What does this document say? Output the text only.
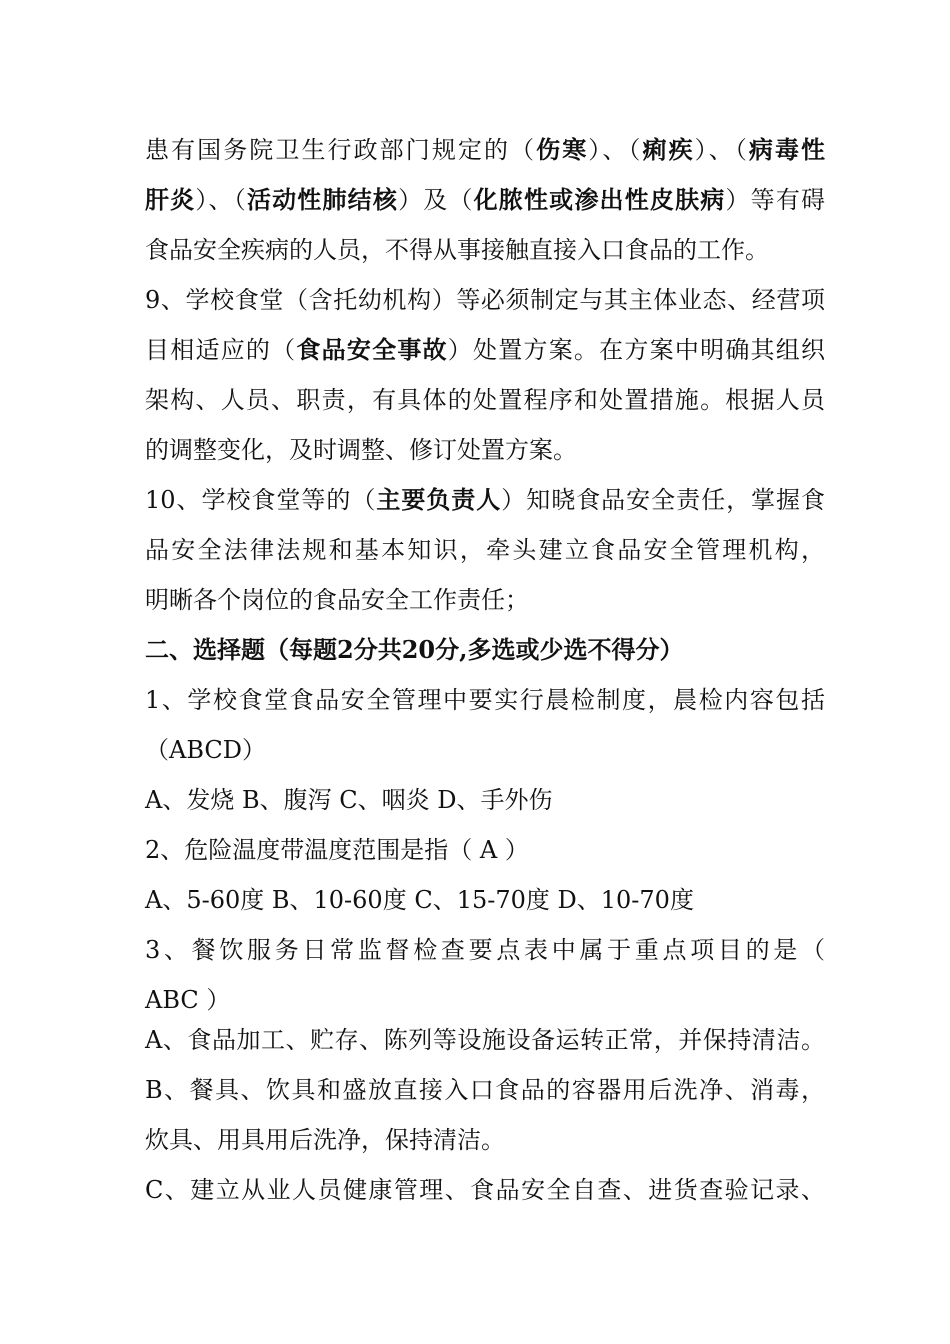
患有国务院卫生行政部门规定的（伤寒）、（痢疾）、（病毒性
肝炎）、（活动性肺结核）及（化脓性或渗出性皮肤病）等有碍
食品安全疾病的人员，不得从事接触直接入口食品的工作。
9、学校食堂（含托幼机构）等必须制定与其主体业态、经营项
目相适应的（食品安全事故）处置方案。在方案中明确其组织
架构、人员、职责，有具体的处置程序和处置措施。根据人员
的调整变化，及时调整、修订处置方案。
10、学校食堂等的（主要负责人）知晓食品安全责任，掌握食
品安全法律法规和基本知识，牵头建立食品安全管理机构，
明晰各个岗位的食品安全工作责任；
二、选择题（每题2分共20分,多选或少选不得分）
1、学校食堂食品安全管理中要实行晨检制度，晨检内容包括
（ABCD）
A、发烧 B、腹泻 C、咽炎 D、手外伤
2、危险温度带温度范围是指（ A ）
A、5-60度 B、10-60度 C、15-70度 D、10-70度
3、餐饮服务日常监督检查要点表中属于重点项目的是（
ABC ）
A、食品加工、贮存、陈列等设施设备运转正常，并保持清洁。
B、餐具、饮具和盛放直接入口食品的容器用后洗净、消毒，
炊具、用具用后洗净，保持清洁。
C、建立从业人员健康管理、食品安全自查、进货查验记录、
